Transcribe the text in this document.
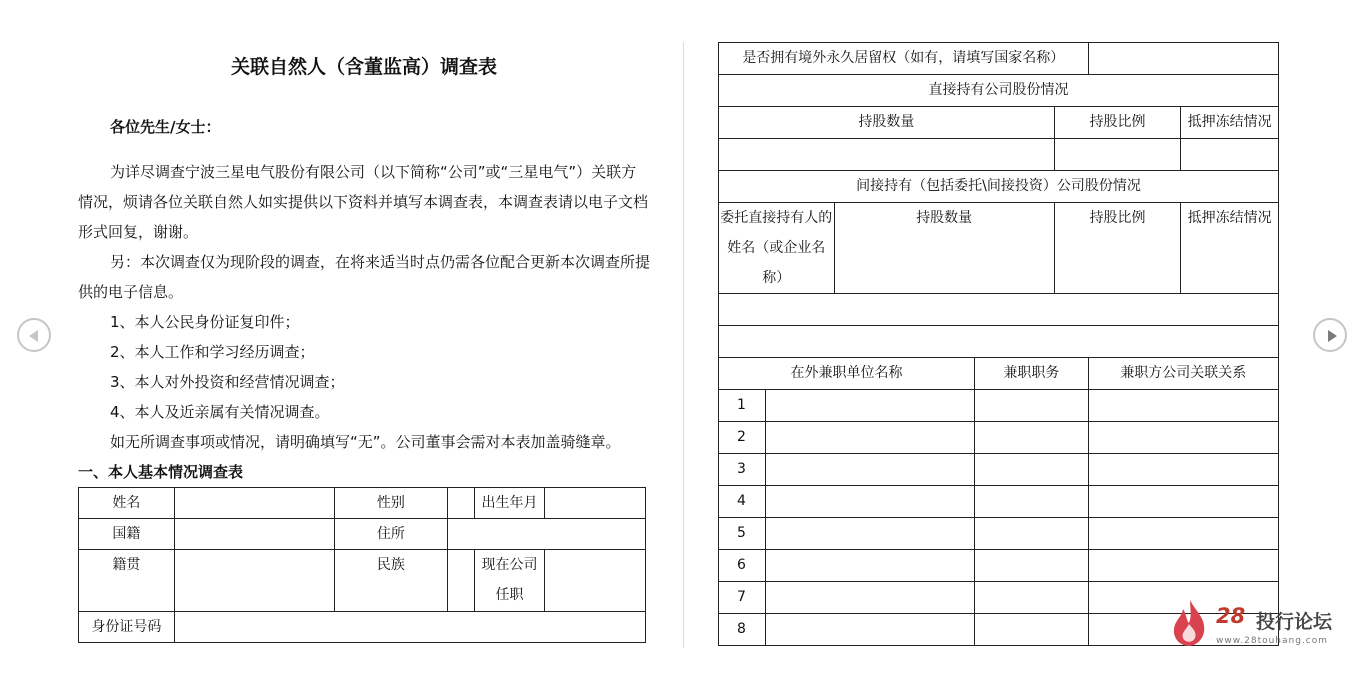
关联自然人（含董监高）调查表

各位先生/女士：

为详尽调查宁波三星电气股份有限公司（以下简称“公司”或“三星电气”）关联方情况，烦请各位关联自然人如实提供以下资料并填写本调查表，本调查表请以电子文档形式回复，谢谢。

另：本次调查仅为现阶段的调查，在将来适当时点仍需各位配合更新本次调查所提供的电子信息。

1、本人公民身份证复印件；

2、本人工作和学习经历调查；

3、本人对外投资和经营情况调查；

4、本人及近亲属有关情况调查。

如无所调查事项或情况，请明确填写“无”。公司董事会需对本表加盖骑缝章。

一、本人基本情况调查表
姓名		性别		出生年月	
国籍		住所			
籍贯		民族		现在公司任职	
身份证号码					
是否拥有境外永久居留权（如有，请填写国家名称）						
直接持有公司股份情况						
持股数量				持股比例		抵押冻结情况

间接持有（包括委托\间接投资）公司股份情况						
委托直接持有人的姓名（或企业名称）		持股数量		持股比例		抵押冻结情况

在外兼职单位名称			兼职职务		兼职方公司关联关系	
1						
2						
3						
4						
5						
6						
7						
8						
28 投行论坛
www.28touhang.com
